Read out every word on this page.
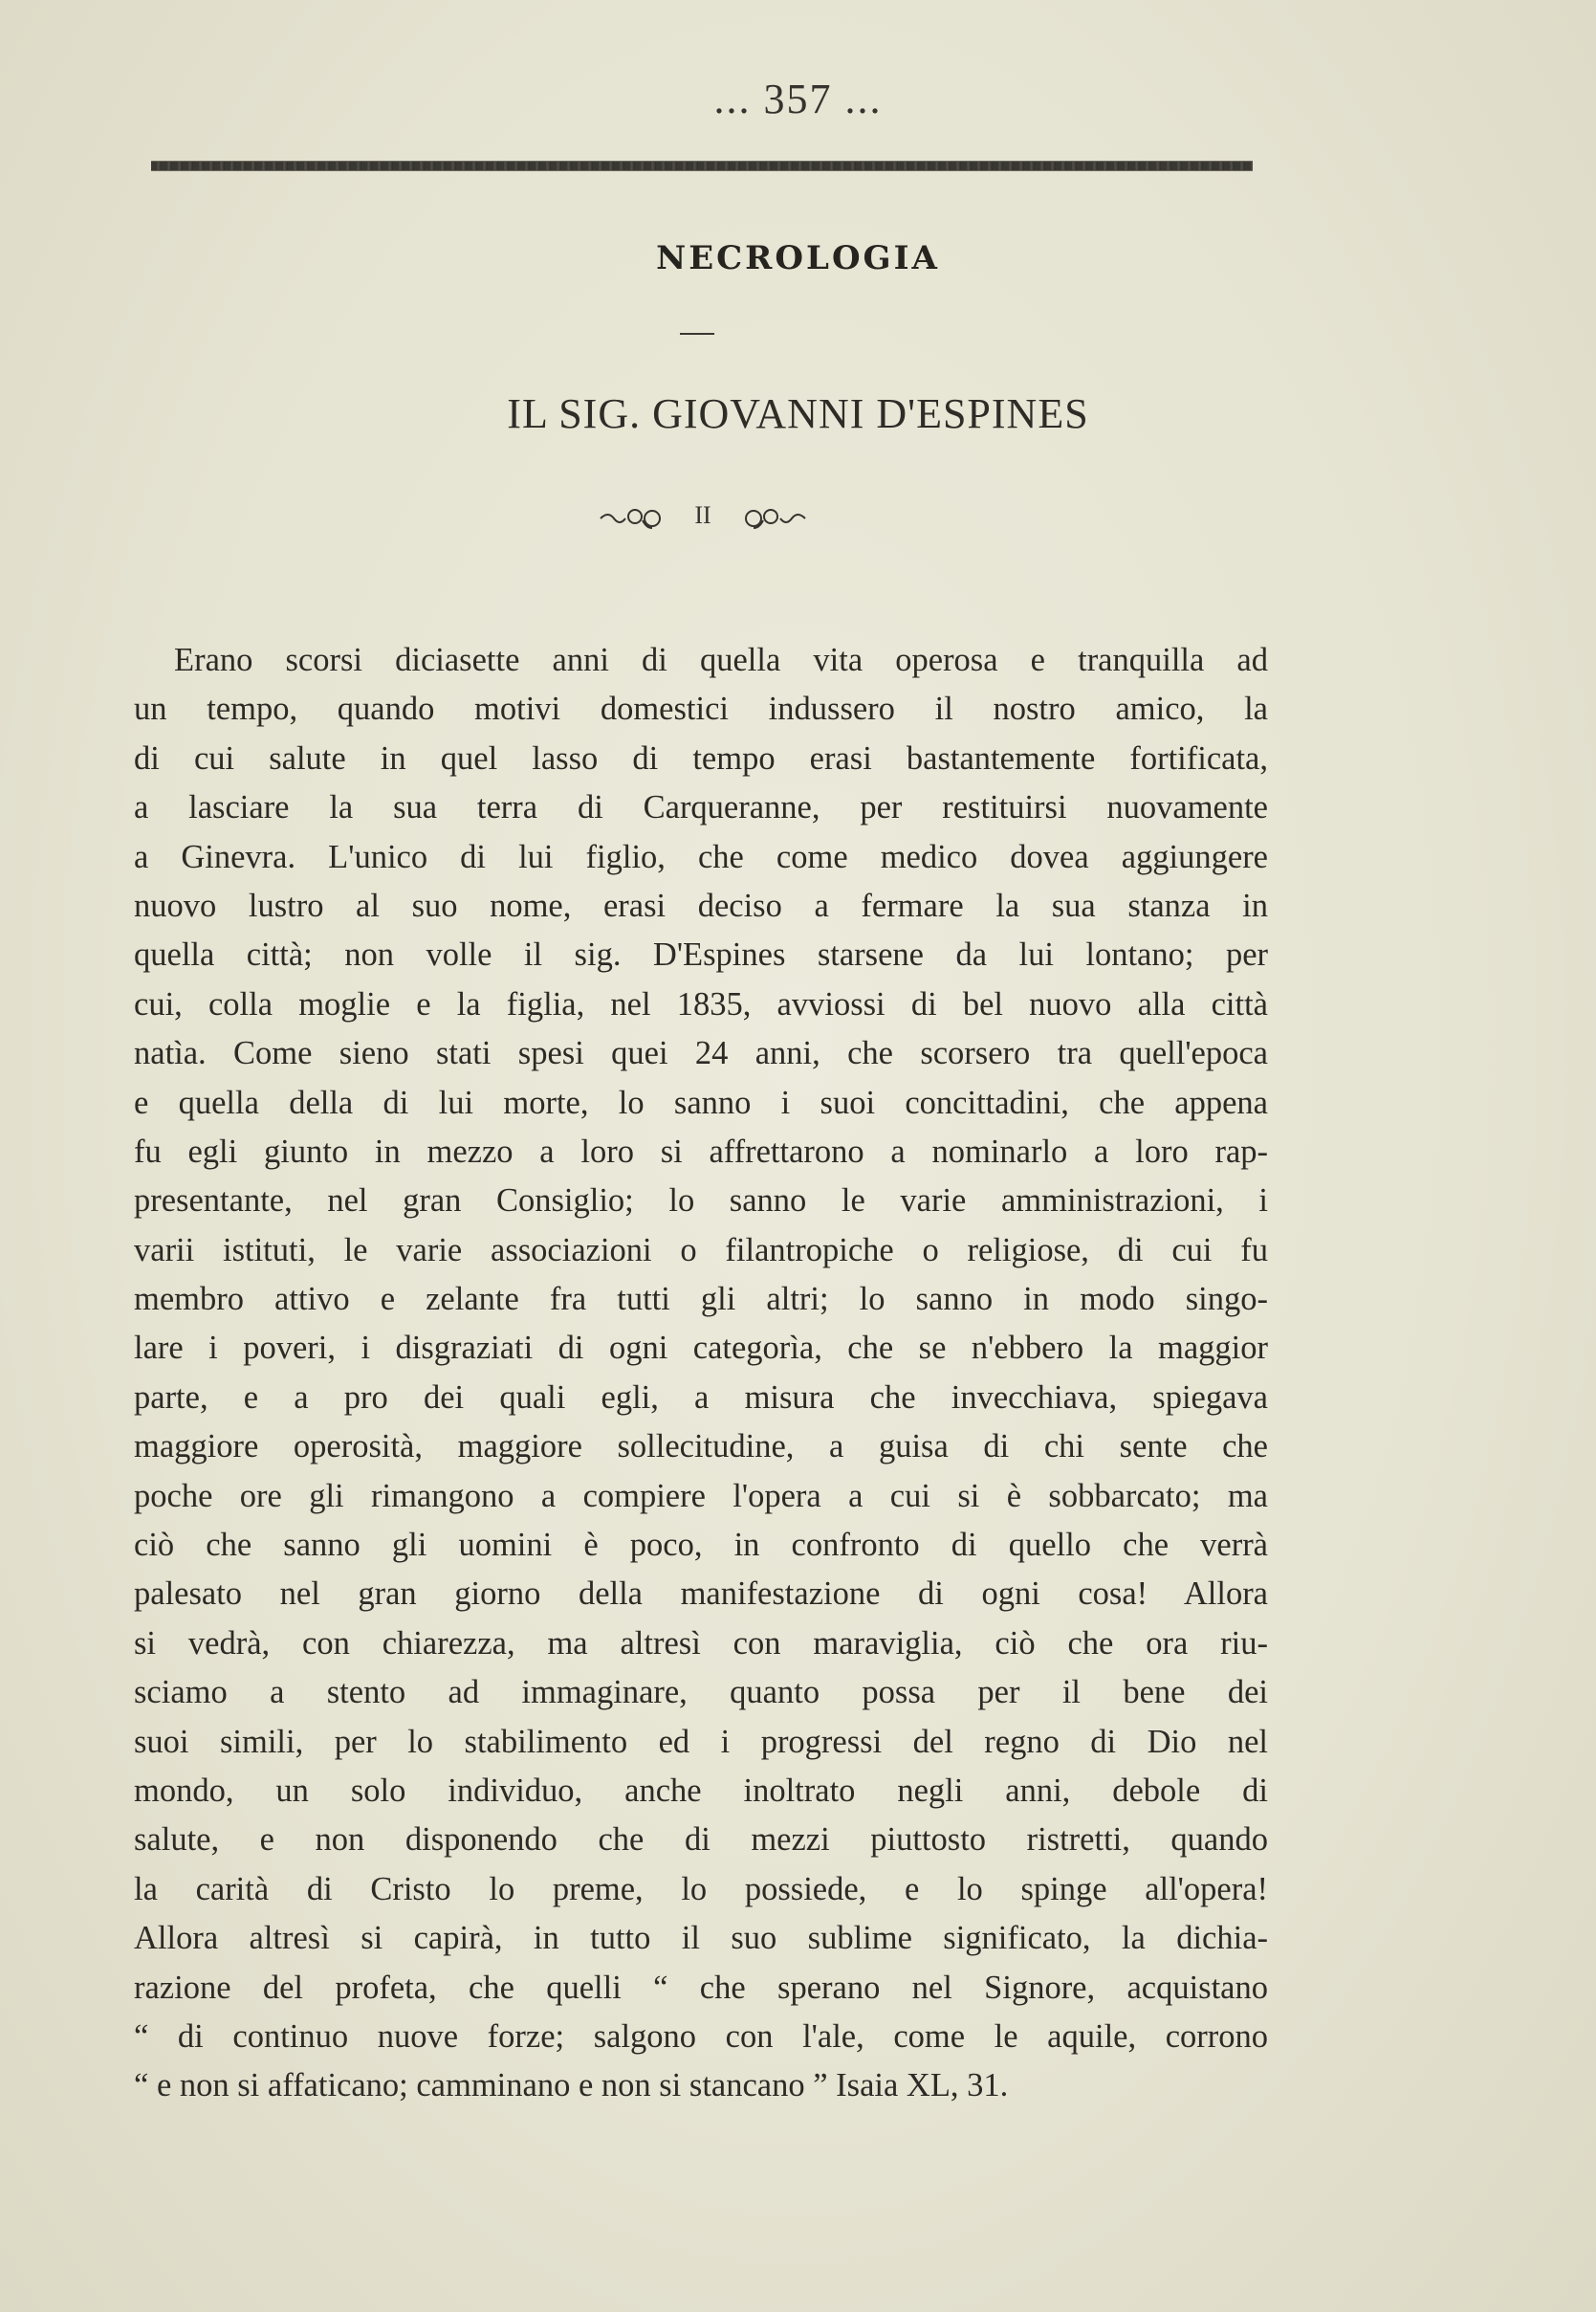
... 357 ...
NECROLOGIA
IL SIG. GIOVANNI D'ESPINES
II
Erano scorsi diciasette anni di quella vita operosa e tranquilla ad
un tempo, quando motivi domestici indussero il nostro amico, la
di cui salute in quel lasso di tempo erasi bastantemente fortificata,
a lasciare la sua terra di Carqueranne, per restituirsi nuovamente
a Ginevra. L'unico di lui figlio, che come medico dovea aggiungere
nuovo lustro al suo nome, erasi deciso a fermare la sua stanza in
quella città; non volle il sig. D'Espines starsene da lui lontano; per
cui, colla moglie e la figlia, nel 1835, avviossi di bel nuovo alla città
natìa. Come sieno stati spesi quei 24 anni, che scorsero tra quell'epoca
e quella della di lui morte, lo sanno i suoi concittadini, che appena
fu egli giunto in mezzo a loro si affrettarono a nominarlo a loro rap-
presentante, nel gran Consiglio; lo sanno le varie amministrazioni, i
varii istituti, le varie associazioni o filantropiche o religiose, di cui fu
membro attivo e zelante fra tutti gli altri; lo sanno in modo singo-
lare i poveri, i disgraziati di ogni categorìa, che se n'ebbero la maggior
parte, e a pro dei quali egli, a misura che invecchiava, spiegava
maggiore operosità, maggiore sollecitudine, a guisa di chi sente che
poche ore gli rimangono a compiere l'opera a cui si è sobbarcato; ma
ciò che sanno gli uomini è poco, in confronto di quello che verrà
palesato nel gran giorno della manifestazione di ogni cosa! Allora
si vedrà, con chiarezza, ma altresì con maraviglia, ciò che ora riu-
sciamo a stento ad immaginare, quanto possa per il bene dei
suoi simili, per lo stabilimento ed i progressi del regno di Dio nel
mondo, un solo individuo, anche inoltrato negli anni, debole di
salute, e non disponendo che di mezzi piuttosto ristretti, quando
la carità di Cristo lo preme, lo possiede, e lo spinge all'opera!
Allora altresì si capirà, in tutto il suo sublime significato, la dichia-
razione del profeta, che quelli “ che sperano nel Signore, acquistano
“ di continuo nuove forze; salgono con l'ale, come le aquile, corrono
“ e non si affaticano; camminano e non si stancano ” Isaia XL, 31.
